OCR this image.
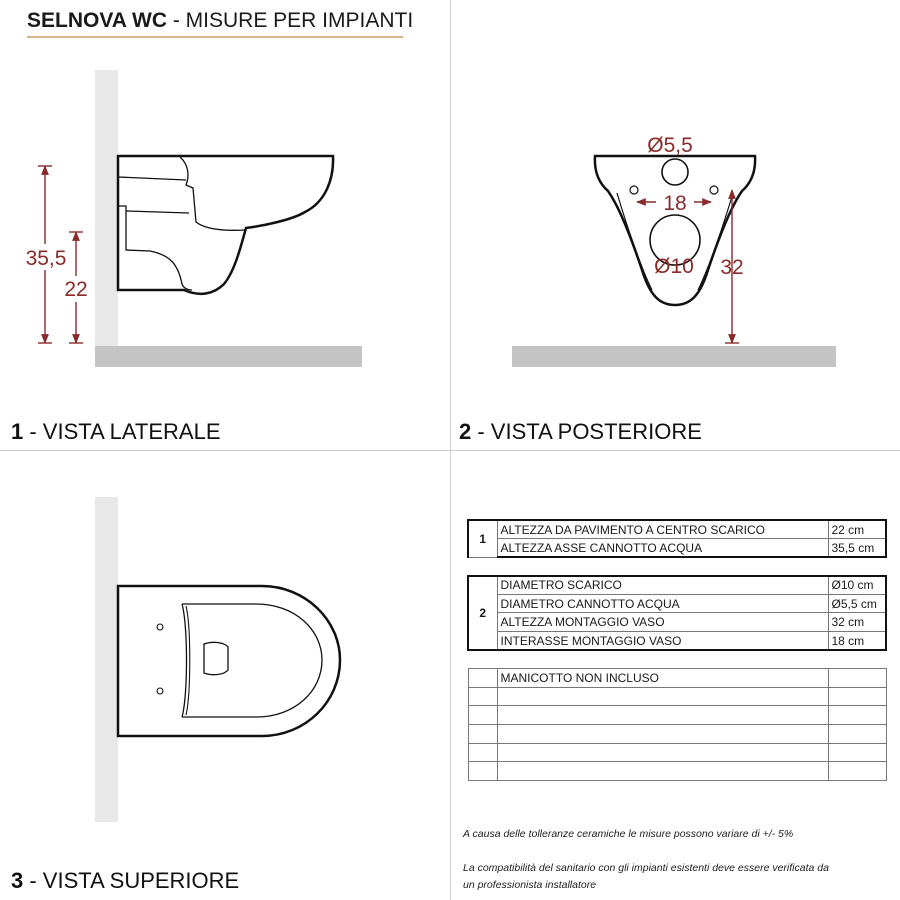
SELNOVA WC - MISURE PER IMPIANTI
35,5
22
18
Ø5,5
Ø10 32
1 - VISTA LATERALE	2 - VISTA POSTERIORE
3 - VISTA SUPERIORE
1	ALTEZZA DA PAVIMENTO A CENTRO SCARICO	22 cm
	ALTEZZA ASSE CANNOTTO ACQUA	35,5 cm

2	DIAMETRO SCARICO	Ø10 cm
	DIAMETRO CANNOTTO ACQUA	Ø5,5 cm
	ALTEZZA MONTAGGIO VASO	32 cm
	INTERASSE MONTAGGIO VASO	18 cm

	MANICOTTO NON INCLUSO	

A causa delle tolleranze ceramiche le misure possono variare di +/- 5%
La compatibilità del sanitario con gli impianti esistenti deve essere verificata da
un professionista installatore
